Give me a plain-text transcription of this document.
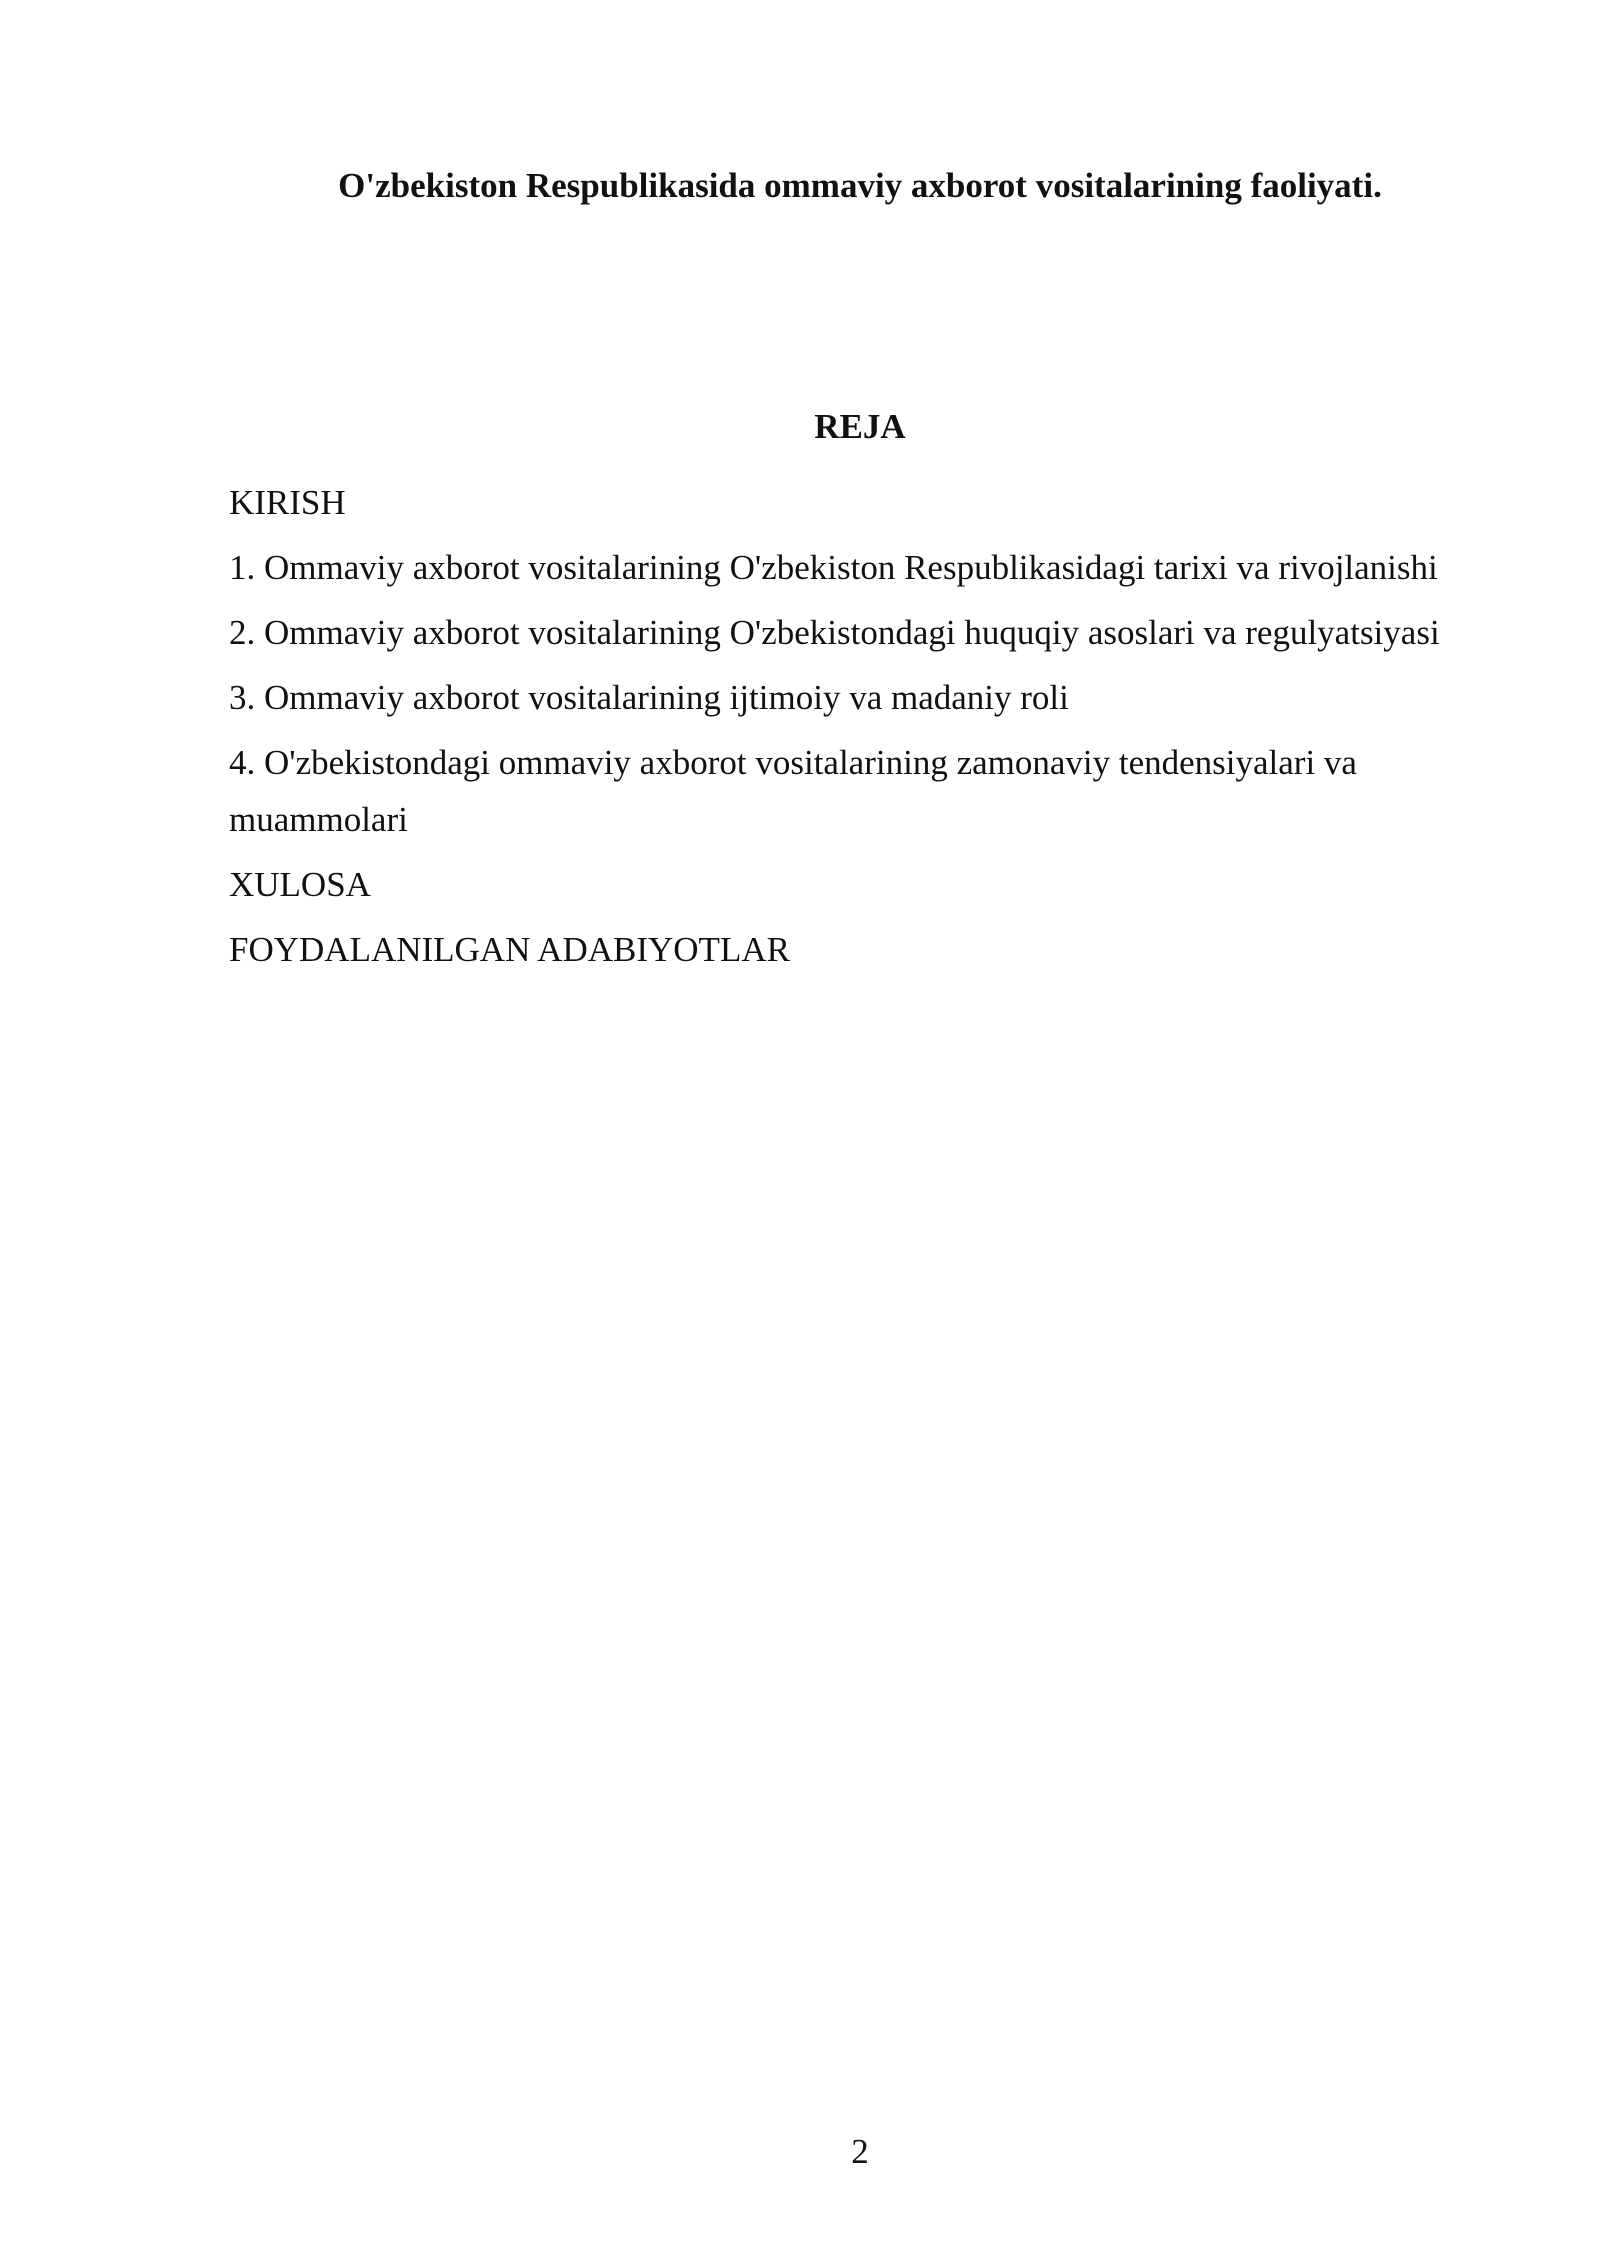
O'zbekiston Respublikasida ommaviy axborot vositalarining faoliyati.
REJA
KIRISH
1. Ommaviy axborot vositalarining O'zbekiston Respublikasidagi tarixi va rivojlanishi
2. Ommaviy axborot vositalarining O'zbekistondagi huquqiy asoslari va regulyatsiyasi
3. Ommaviy axborot vositalarining ijtimoiy va madaniy roli
4. O'zbekistondagi ommaviy axborot vositalarining zamonaviy tendensiyalari va muammolari
XULOSA
FOYDALANILGAN ADABIYOTLAR
2
